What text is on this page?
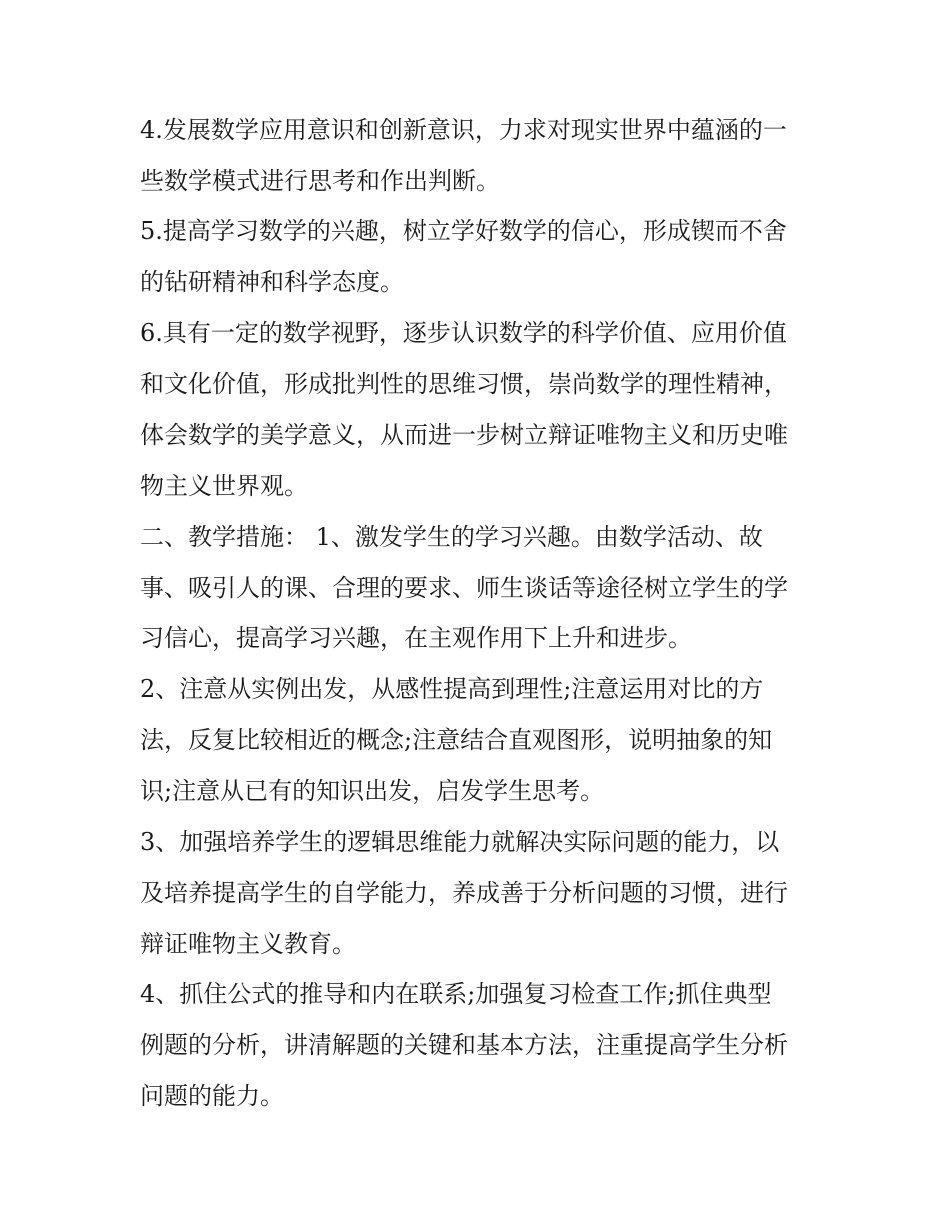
4.发展数学应用意识和创新意识，力求对现实世界中蕴涵的一

些数学模式进行思考和作出判断。

5.提高学习数学的兴趣，树立学好数学的信心，形成锲而不舍

的钻研精神和科学态度。

6.具有一定的数学视野，逐步认识数学的科学价值、应用价值

和文化价值，形成批判性的思维习惯，崇尚数学的理性精神，

体会数学的美学意义，从而进一步树立辩证唯物主义和历史唯

物主义世界观。

二、教学措施： 1、激发学生的学习兴趣。由数学活动、故

事、吸引人的课、合理的要求、师生谈话等途径树立学生的学

习信心，提高学习兴趣，在主观作用下上升和进步。

2、注意从实例出发，从感性提高到理性;注意运用对比的方

法，反复比较相近的概念;注意结合直观图形，说明抽象的知

识;注意从已有的知识出发，启发学生思考。

3、加强培养学生的逻辑思维能力就解决实际问题的能力，以

及培养提高学生的自学能力，养成善于分析问题的习惯，进行

辩证唯物主义教育。

4、抓住公式的推导和内在联系;加强复习检查工作;抓住典型

例题的分析，讲清解题的关键和基本方法，注重提高学生分析

问题的能力。
